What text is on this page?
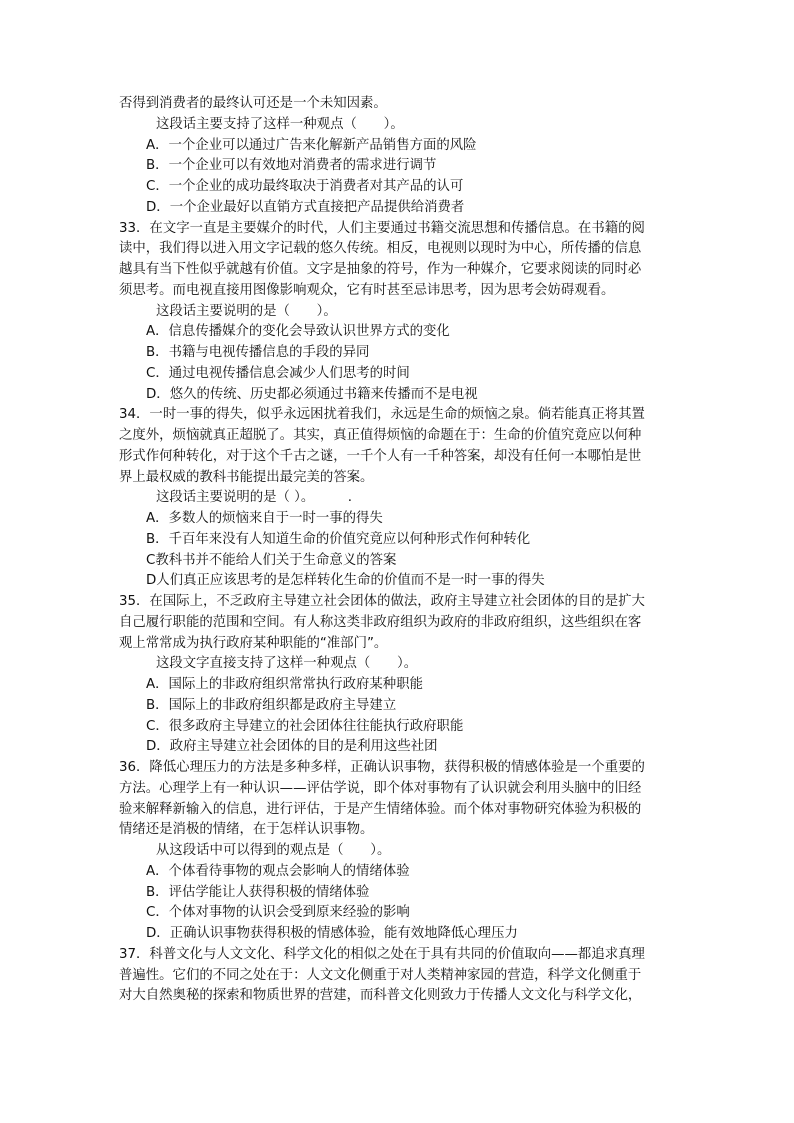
否得到消费者的最终认可还是一个未知因素。
这段话主要支持了这样一种观点（　　）。
A．一个企业可以通过广告来化解新产品销售方面的风险
B．一个企业可以有效地对消费者的需求进行调节
C．一个企业的成功最终取决于消费者对其产品的认可
D．一个企业最好以直销方式直接把产品提供给消费者
33．在文字一直是主要媒介的时代，人们主要通过书籍交流思想和传播信息。在书籍的阅
读中，我们得以进入用文字记载的悠久传统。相反，电视则以现时为中心，所传播的信息
越具有当下性似乎就越有价值。文字是抽象的符号，作为一种媒介，它要求阅读的同时必
须思考。而电视直接用图像影响观众，它有时甚至忌讳思考，因为思考会妨碍观看。
这段话主要说明的是（　　）。
A．信息传播媒介的变化会导致认识世界方式的变化
B．书籍与电视传播信息的手段的异同
C．通过电视传播信息会减少人们思考的时间
D．悠久的传统、历史都必须通过书籍来传播而不是电视
34．一时一事的得失，似乎永远困扰着我们，永远是生命的烦恼之泉。倘若能真正将其置
之度外，烦恼就真正超脱了。其实，真正值得烦恼的命题在于：生命的价值究竟应以何种
形式作何种转化，对于这个千古之谜，一千个人有一千种答案，却没有任何一本哪怕是世
界上最权威的教科书能提出最完美的答案。
这段话主要说明的是（ ）。　　　.
A．多数人的烦恼来自于一时一事的得失
B．千百年来没有人知道生命的价值究竟应以何种形式作何种转化
C教科书并不能给人们关于生命意义的答案
D人们真正应该思考的是怎样转化生命的价值而不是一时一事的得失
35．在国际上，不乏政府主导建立社会团体的做法，政府主导建立社会团体的目的是扩大
自己履行职能的范围和空间。有人称这类非政府组织为政府的非政府组织，这些组织在客
观上常常成为执行政府某种职能的“准部门”。
这段文字直接支持了这样一种观点（　　）。
A．国际上的非政府组织常常执行政府某种职能
B．国际上的非政府组织都是政府主导建立
C．很多政府主导建立的社会团体往往能执行政府职能
D．政府主导建立社会团体的目的是利用这些社团
36．降低心理压力的方法是多种多样，正确认识事物，获得积极的情感体验是一个重要的
方法。心理学上有一种认识——评估学说，即个体对事物有了认识就会利用头脑中的旧经
验来解释新输入的信息，进行评估，于是产生情绪体验。而个体对事物研究体验为积极的
情绪还是消极的情绪，在于怎样认识事物。
从这段话中可以得到的观点是（　　）。
A．个体看待事物的观点会影响人的情绪体验
B．评估学能让人获得积极的情绪体验
C．个体对事物的认识会受到原来经验的影响
D．正确认识事物获得积极的情感体验，能有效地降低心理压力
37．科普文化与人文文化、科学文化的相似之处在于具有共同的价值取向——都追求真理
普遍性。它们的不同之处在于：人文文化侧重于对人类精神家园的营造，科学文化侧重于
对大自然奥秘的探索和物质世界的营建，而科普文化则致力于传播人文文化与科学文化，
